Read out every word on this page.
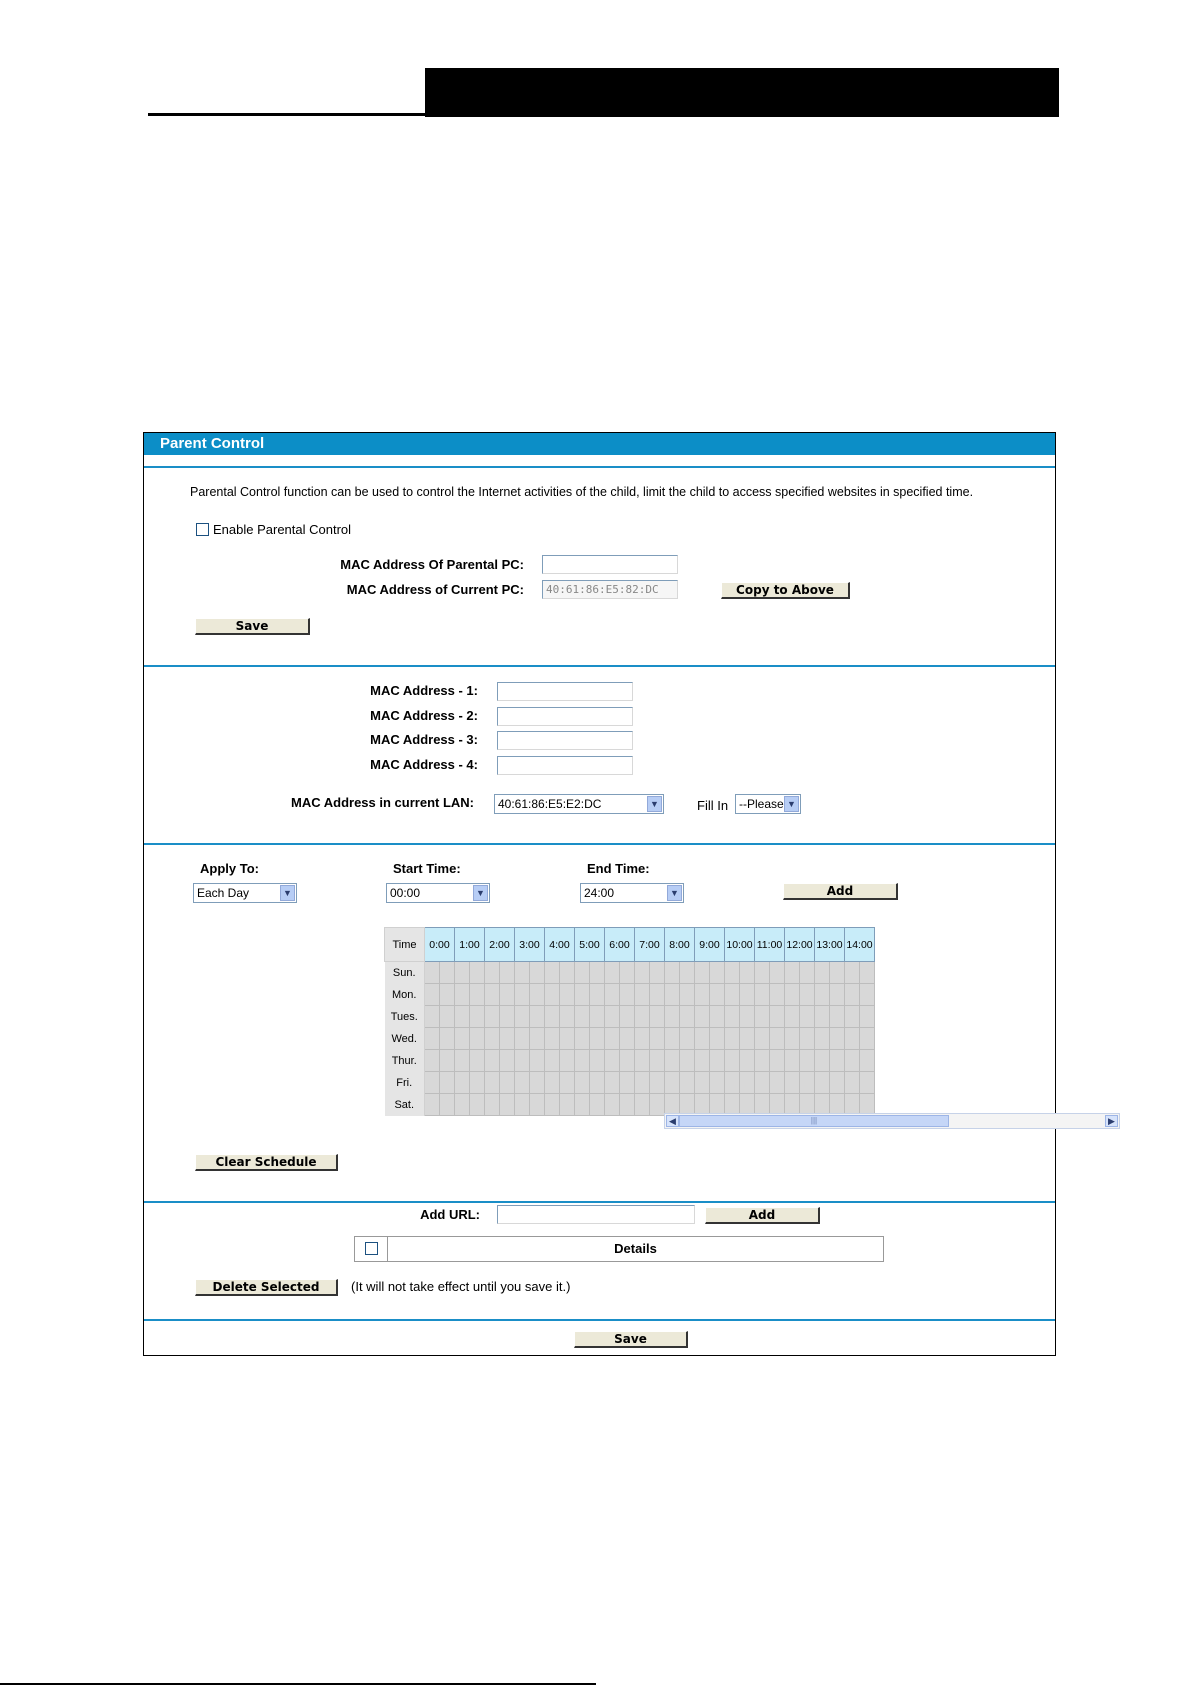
Parent Control
Parental Control function can be used to control the Internet activities of the child, limit the child to access specified websites in specified time.
Enable Parental Control
MAC Address Of Parental PC:
MAC Address of Current PC:	40:61:86:E5:82:DC	Copy to Above
Save
MAC Address - 1:
MAC Address - 2:
MAC Address - 3:
MAC Address - 4:
MAC Address in current LAN:	40:61:86:E5:E2:DC	▼	Fill In --Please ▼
Apply To:
Each Day	▼
Start Time:
00:00	▼
End Time:
24:00	▼	Add
Time	0:00		1:00		2:00		3:00		4:00		5:00		6:00		7:00		8:00		9:00		10:00		11:00		12:00		13:00		14:00	
Sun.																														
Mon.																														
Tues.																														
Wed.																														
Thur.																														
Fri.																														
Sat.																														
◀	|||	▶
Clear Schedule
Add URL:	Add
Details
Delete Selected	(It will not take effect until you save it.)
Save
